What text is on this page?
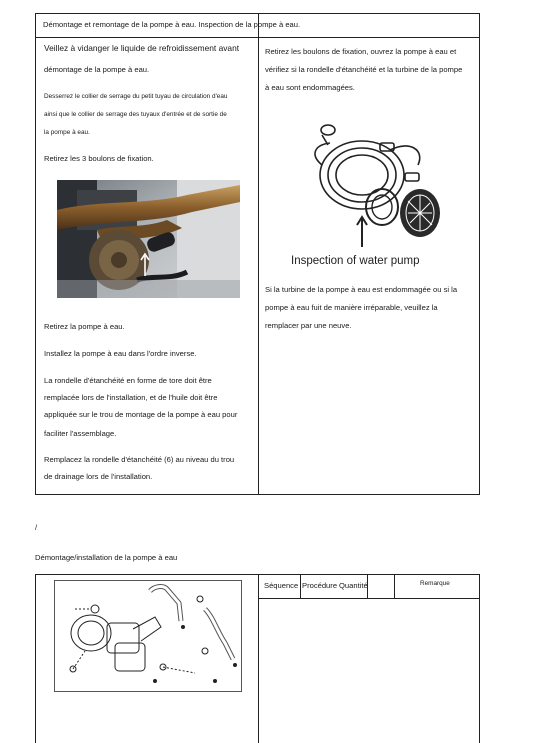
Démontage et remontage de la pompe à eau. Inspection de la pompe à eau.
Veillez à vidanger le liquide de refroidissement avant
démontage de la pompe à eau.
Desserrez le collier de serrage du petit tuyau de circulation d'eau
ainsi que le collier de serrage des tuyaux d'entrée et de sortie de
la pompe à eau.
Retirez les 3 boulons de fixation.
Retirez la pompe à eau.
Installez la pompe à eau dans l'ordre inverse.
La rondelle d'étanchéité en forme de tore doit être
remplacée lors de l'installation, et de l'huile doit être
appliquée sur le trou de montage de la pompe à eau pour
faciliter l'assemblage.
Remplacez la rondelle d'étanchéité (6) au niveau du trou
de drainage lors de l'installation.
Retirez les boulons de fixation, ouvrez la pompe à eau et
vérifiez si la rondelle d'étanchéité et la turbine de la pompe
à eau sont endommagées.
Inspection of water pump
Si la turbine de la pompe à eau est endommagée ou si la
pompe à eau fuit de manière irréparable, veuillez la
remplacer par une neuve.
/
Démontage/installation de la pompe à eau
Séquence Procédure Quantité	Remarque
